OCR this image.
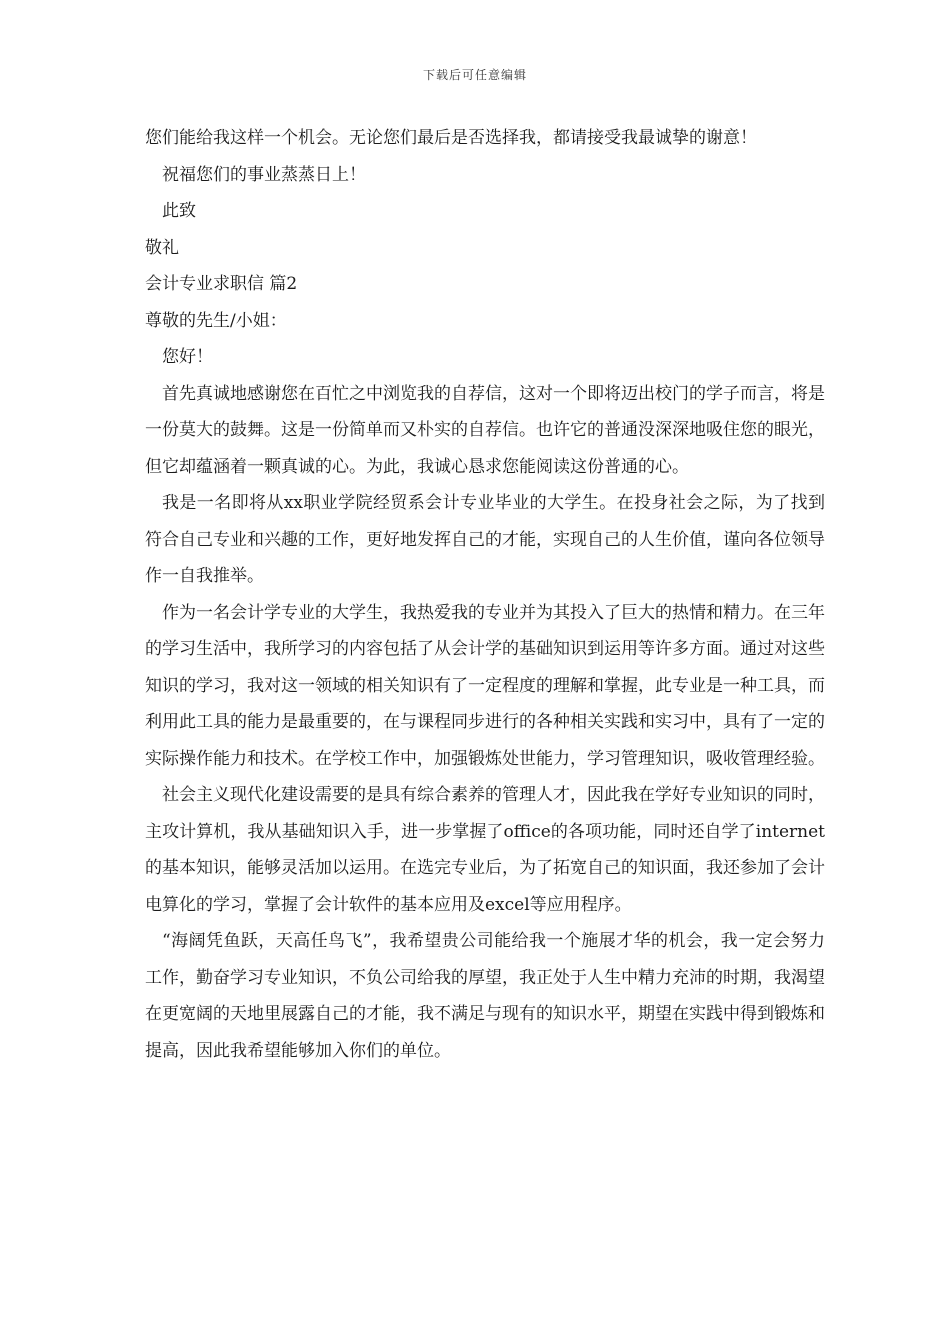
下载后可任意编辑

您们能给我这样一个机会。无论您们最后是否选择我，都请接受我最诚挚的谢意！

祝福您们的事业蒸蒸日上！

此致

敬礼

会计专业求职信 篇2

尊敬的先生/小姐：

您好！

首先真诚地感谢您在百忙之中浏览我的自荐信，这对一个即将迈出校门的学子而言，将是一份莫大的鼓舞。这是一份简单而又朴实的自荐信。也许它的普通没深深地吸住您的眼光，但它却蕴涵着一颗真诚的心。为此，我诚心恳求您能阅读这份普通的心。

我是一名即将从xx职业学院经贸系会计专业毕业的大学生。在投身社会之际，为了找到符合自己专业和兴趣的工作，更好地发挥自己的才能，实现自己的人生价值，谨向各位领导作一自我推举。

作为一名会计学专业的大学生，我热爱我的专业并为其投入了巨大的热情和精力。在三年的学习生活中，我所学习的内容包括了从会计学的基础知识到运用等许多方面。通过对这些知识的学习，我对这一领域的相关知识有了一定程度的理解和掌握，此专业是一种工具，而利用此工具的能力是最重要的，在与课程同步进行的各种相关实践和实习中，具有了一定的实际操作能力和技术。在学校工作中，加强锻炼处世能力，学习管理知识，吸收管理经验。

社会主义现代化建设需要的是具有综合素养的管理人才，因此我在学好专业知识的同时，主攻计算机，我从基础知识入手，进一步掌握了office的各项功能，同时还自学了internet的基本知识，能够灵活加以运用。在选完专业后，为了拓宽自己的知识面，我还参加了会计电算化的学习，掌握了会计软件的基本应用及excel等应用程序。

“海阔凭鱼跃，天高任鸟飞”，我希望贵公司能给我一个施展才华的机会，我一定会努力工作，勤奋学习专业知识，不负公司给我的厚望，我正处于人生中精力充沛的时期，我渴望在更宽阔的天地里展露自己的才能，我不满足与现有的知识水平，期望在实践中得到锻炼和提高，因此我希望能够加入你们的单位。
